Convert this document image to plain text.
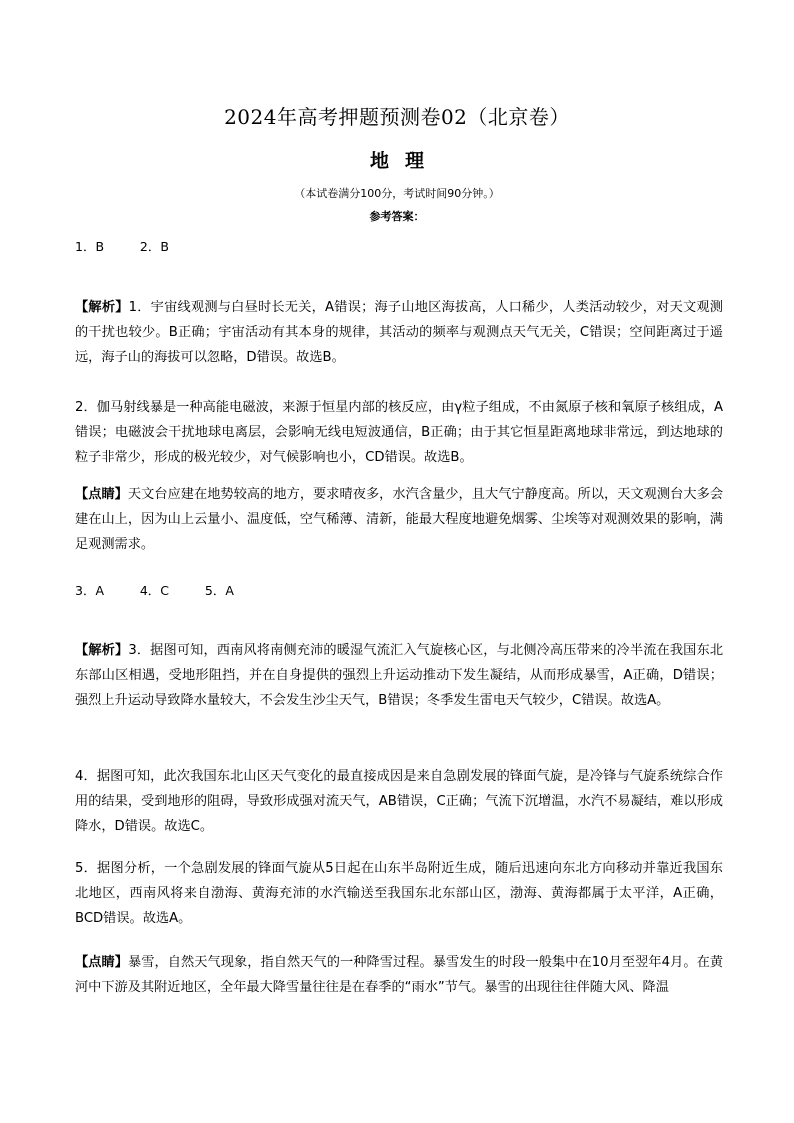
2024年高考押题预测卷02（北京卷）
地理
（本试卷满分100分，考试时间90分钟。）
参考答案：
1．B      2．B
【解析】1．宇宙线观测与白昼时长无关，A错误；海子山地区海拔高，人口稀少，人类活动较少，对天文观测的干扰也较少。B正确；宇宙活动有其本身的规律，其活动的频率与观测点天气无关，C错误；空间距离过于遥远，海子山的海拔可以忽略，D错误。故选B。
2．伽马射线暴是一种高能电磁波，来源于恒星内部的核反应，由γ粒子组成，不由氮原子核和氧原子核组成，A错误；电磁波会干扰地球电离层，会影响无线电短波通信，B正确；由于其它恒星距离地球非常远，到达地球的粒子非常少，形成的极光较少，对气候影响也小，CD错误。故选B。
【点睛】天文台应建在地势较高的地方，要求晴夜多，水汽含量少，且大气宁静度高。所以，天文观测台大多会建在山上，因为山上云量小、温度低，空气稀薄、清新，能最大程度地避免烟雾、尘埃等对观测效果的影响，满足观测需求。
3．A      4．C      5．A
【解析】3．据图可知，西南风将南侧充沛的暖湿气流汇入气旋核心区，与北侧冷高压带来的冷半流在我国东北东部山区相遇，受地形阻挡，并在自身提供的强烈上升运动推动下发生凝结，从而形成暴雪，A正确，D错误；强烈上升运动导致降水量较大，不会发生沙尘天气，B错误；冬季发生雷电天气较少，C错误。故选A。
4．据图可知，此次我国东北山区天气变化的最直接成因是来自急剧发展的锋面气旋，是冷锋与气旋系统综合作用的结果，受到地形的阻碍，导致形成强对流天气，AB错误，C正确；气流下沉增温，水汽不易凝结，难以形成降水，D错误。故选C。
5．据图分析，一个急剧发展的锋面气旋从5日起在山东半岛附近生成，随后迅速向东北方向移动并靠近我国东北地区，西南风将来自渤海、黄海充沛的水汽输送至我国东北东部山区，渤海、黄海都属于太平洋，A正确，BCD错误。故选A。
【点睛】暴雪，自然天气现象，指自然天气的一种降雪过程。暴雪发生的时段一般集中在10月至翌年4月。在黄河中下游及其附近地区，全年最大降雪量往往是在春季的“雨水”节气。暴雪的出现往往伴随大风、降温
